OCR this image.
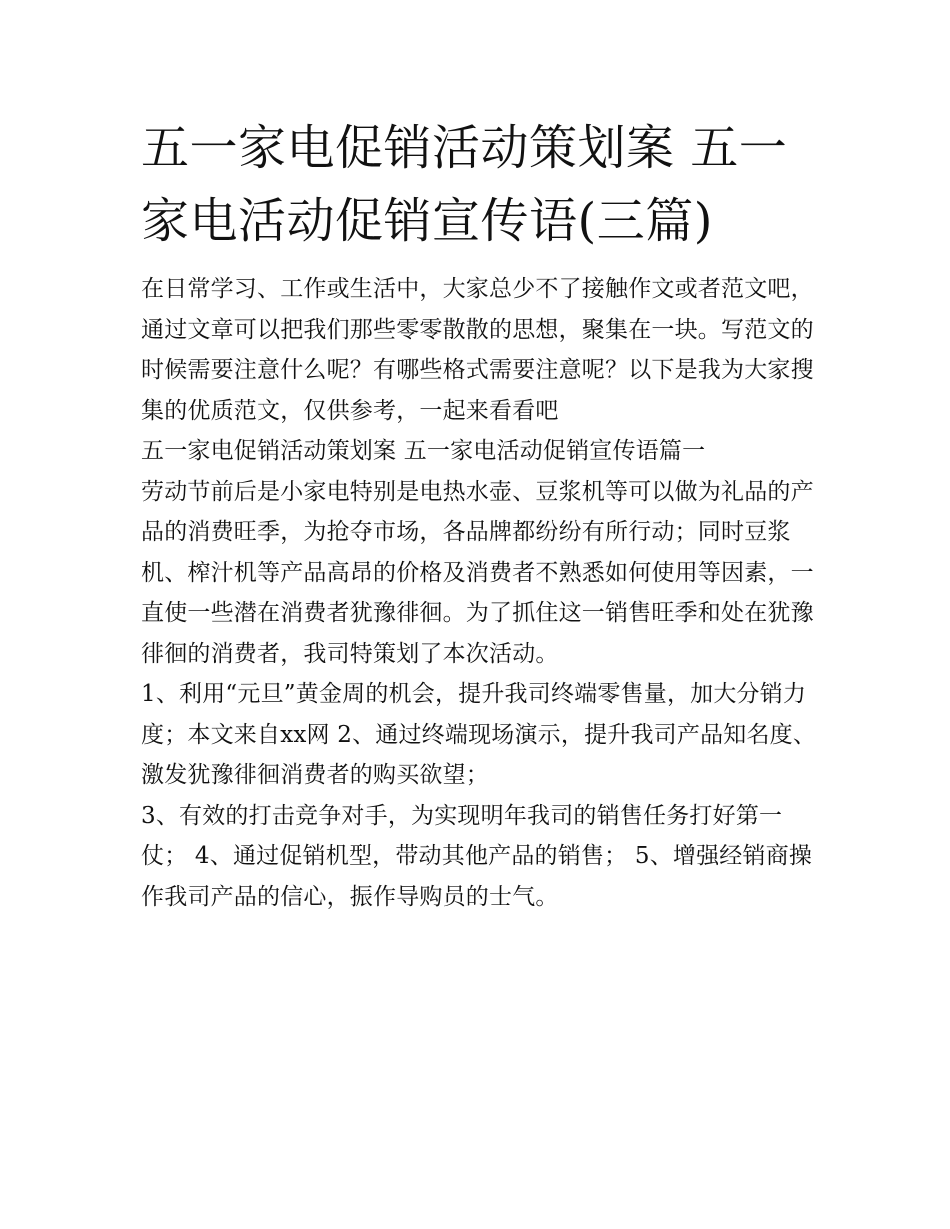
五一家电促销活动策划案 五一家电活动促销宣传语(三篇)

在日常学习、工作或生活中，大家总少不了接触作文或者范文吧，通过文章可以把我们那些零零散散的思想，聚集在一块。写范文的时候需要注意什么呢？有哪些格式需要注意呢？以下是我为大家搜集的优质范文，仅供参考，一起来看看吧

五一家电促销活动策划案 五一家电活动促销宣传语篇一

劳动节前后是小家电特别是电热水壶、豆浆机等可以做为礼品的产品的消费旺季，为抢夺市场，各品牌都纷纷有所行动；同时豆浆机、榨汁机等产品高昂的价格及消费者不熟悉如何使用等因素，一直使一些潜在消费者犹豫徘徊。为了抓住这一销售旺季和处在犹豫徘徊的消费者，我司特策划了本次活动。

1、利用“元旦”黄金周的机会，提升我司终端零售量，加大分销力度；本文来自xx网 2、通过终端现场演示，提升我司产品知名度、激发犹豫徘徊消费者的购买欲望；

3、有效的打击竞争对手，为实现明年我司的销售任务打好第一仗； 4、通过促销机型，带动其他产品的销售； 5、增强经销商操作我司产品的信心，振作导购员的士气。
